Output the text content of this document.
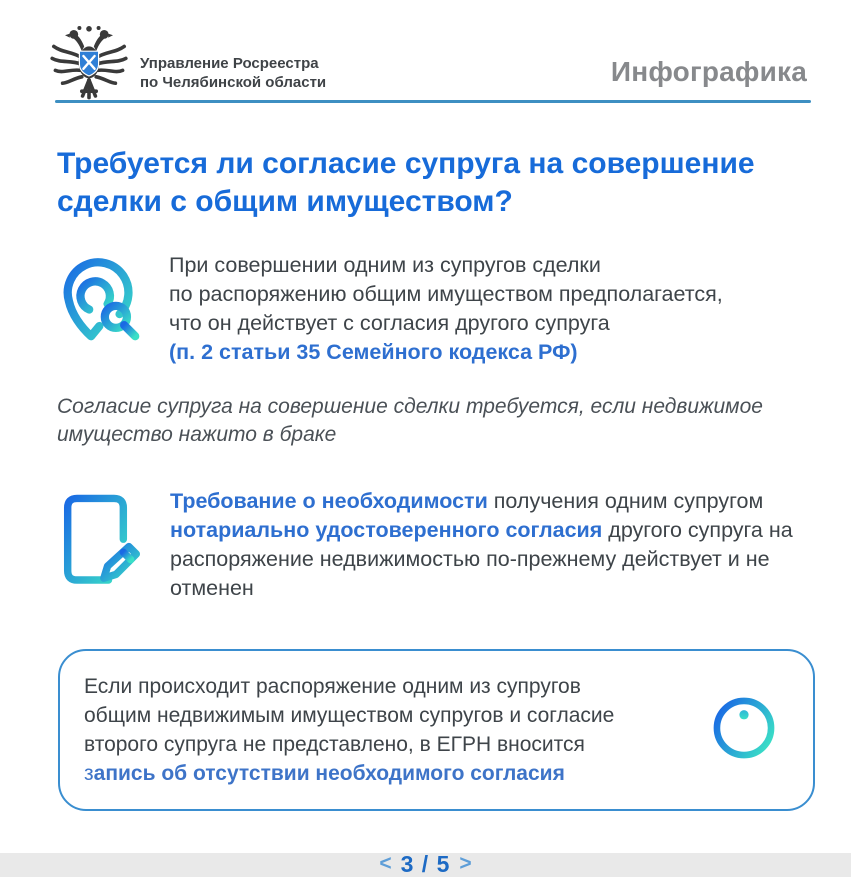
Управление Росреестра
по Челябинской области	Инфографика
Требуется ли согласие супруга на совершение
сделки с общим имуществом?
При совершении одним из супругов сделки
по распоряжению общим имуществом предполагается,
что он действует с согласия другого супруга
(п. 2 статьи 35 Семейного кодекса РФ)
Согласие супруга на совершение сделки требуется, если недвижимое
имущество нажито в браке
Требование о необходимости получения одним супругом нотариально удостоверенного согласия другого супруга на распоряжение недвижимостью по-прежнему действует и не отменен
Если происходит распоряжение одним из супругов
общим недвижимым имуществом супругов и согласие
второго супруга не представлено, в ЕГРН вносится
запись об отсутствии необходимого согласия
< 3 / 5 >
